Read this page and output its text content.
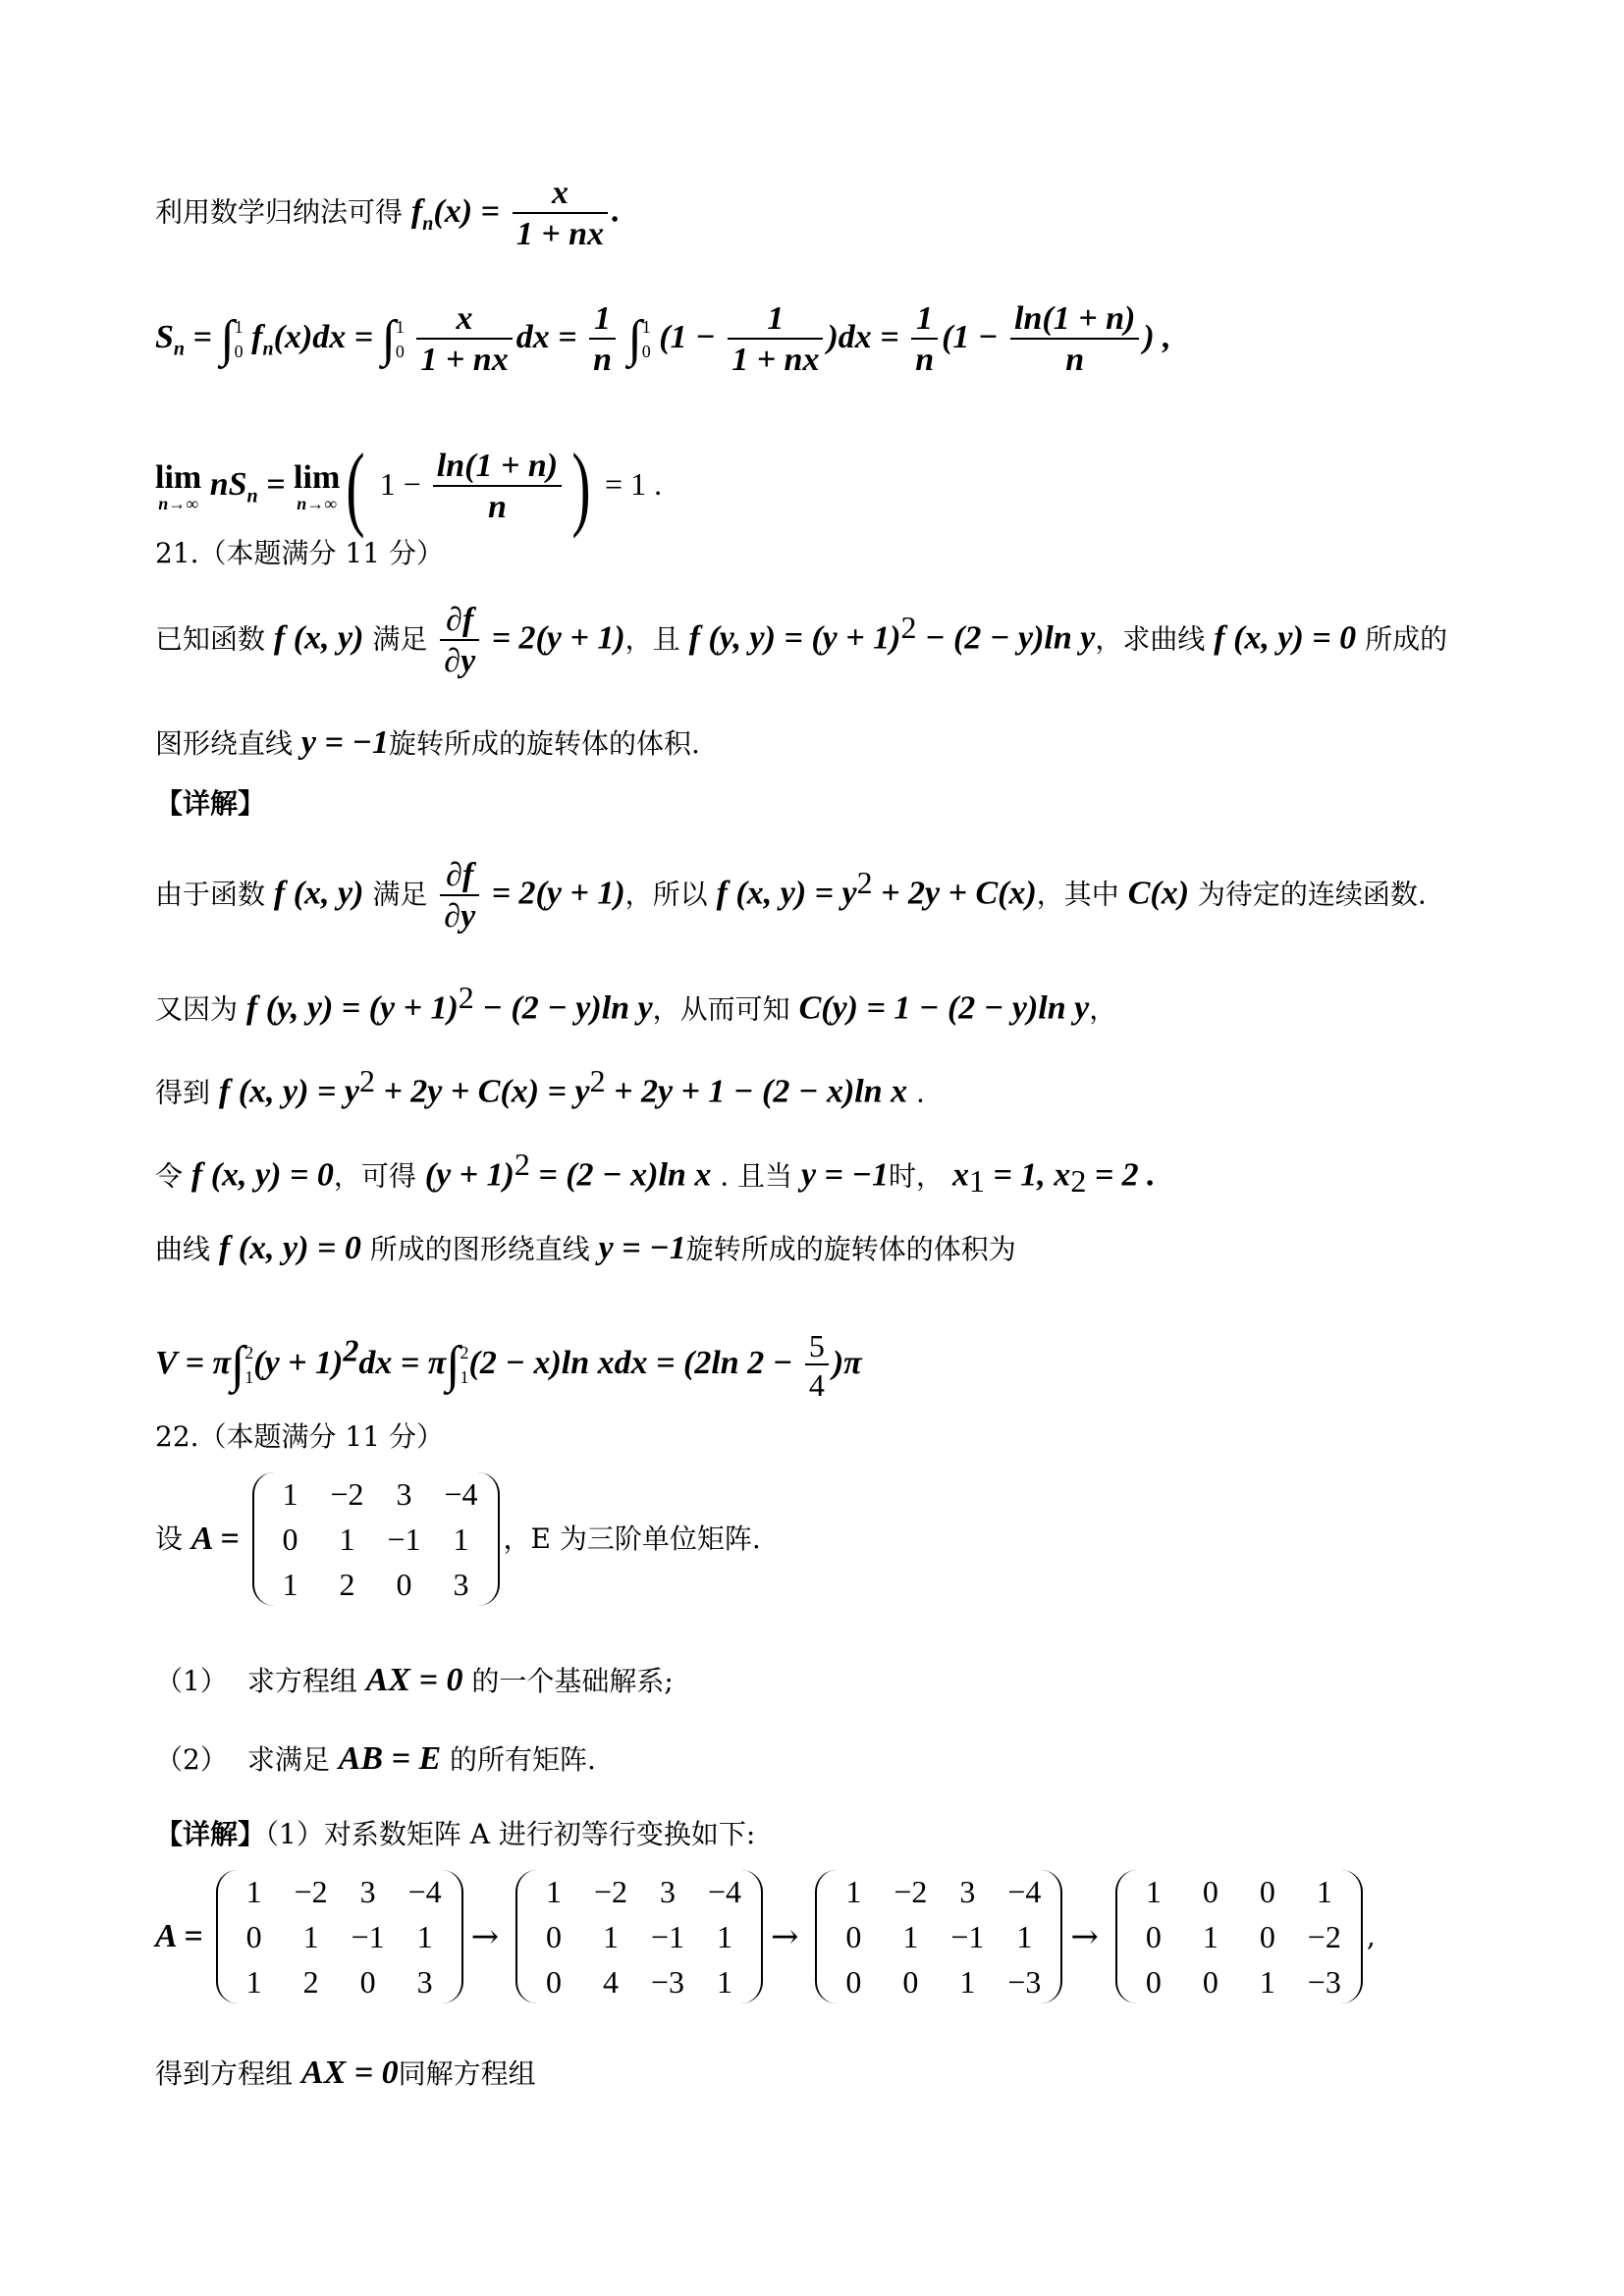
利用数学归纳法可得 $f_n(x) = \frac{x}{1 + nx}$ .
$S_n$ = ∫ 1
0 $f_n(x)dx$ = ∫ 1
0
$\frac{x}{1 + nx}$ dx = $\frac{1}{n}$ ∫ 1
0 $(1 - \frac{1}{1 + nx} )dx = \frac{1}{n} (1 - \frac{\ln(1 + n)}{n}$ ) ,
lim
n→∞
$nS_n = \lim$
n→∞ ( $1 - \frac{\ln(1 + n)}{n}$ ) = 1 .
21.（本题满分 11 分）
已知函数 f (x, y) 满足 $\frac{\partial f}{\partial y} = 2(y + 1)$，且 f (y, $y) = (y + 1)^2 - (2 - y)\ln$ y，求曲线 f (x, y) = 0 所成的
图形绕直线 y = −1旋转所成的旋转体的体积.
【详解】
由于函数 f (x, y) 满足 $\frac{\partial f}{\partial y} = 2(y + 1)$，所以 f (x, $y) = y^2 + 2y + C(x)$，其中 C(x) 为待定的连续函数.
又因为 f (y, $y) = (y + 1)^2 - (2 - y)\ln$ y，从而可知 C(y) = 1 − (2 − y)ln y，
得到 f (x, $y) = y^2 + 2y + C(x) = y^2 + 2y + 1 - (2 - x)\ln$ x .
令 f (x, y) = 0，可得 $(y + 1)^2 = (2 - x)\ln$ x . 且当 y = −1时， $x_1 = 1$, $x_2 = 2$ .
曲线 f (x, y) = 0 所成的图形绕直线 y = −1旋转所成的旋转体的体积为
V = π∫ 2
1 $(y + 1)^2dx = \pi\int$ 2
1 (2 − x)ln xdx = (2ln $2 - \frac{5}{4} )\pi$
22.（本题满分 11 分）
设 A =
1	−2	3	−4
0	1	−1	1
1	2	0	3
，E 为三阶单位矩阵.
（1） 求方程组 AX = 0 的一个基础解系;
（2） 求满足 AB = E 的所有矩阵.
【详解】（1）对系数矩阵 A 进行初等行变换如下:
A =
1	−2	3	−4
0	1	−1	1
1	2	0	3
→
1	−2	3	−4
0	1	−1	1
0	4	−3	1
→
1	−2	3	−4
0	1	−1	1
0	0	1	−3
→
1	0	0	1
0	1	0	−2
0	0	1	−3
,
得到方程组 AX = 0同解方程组
